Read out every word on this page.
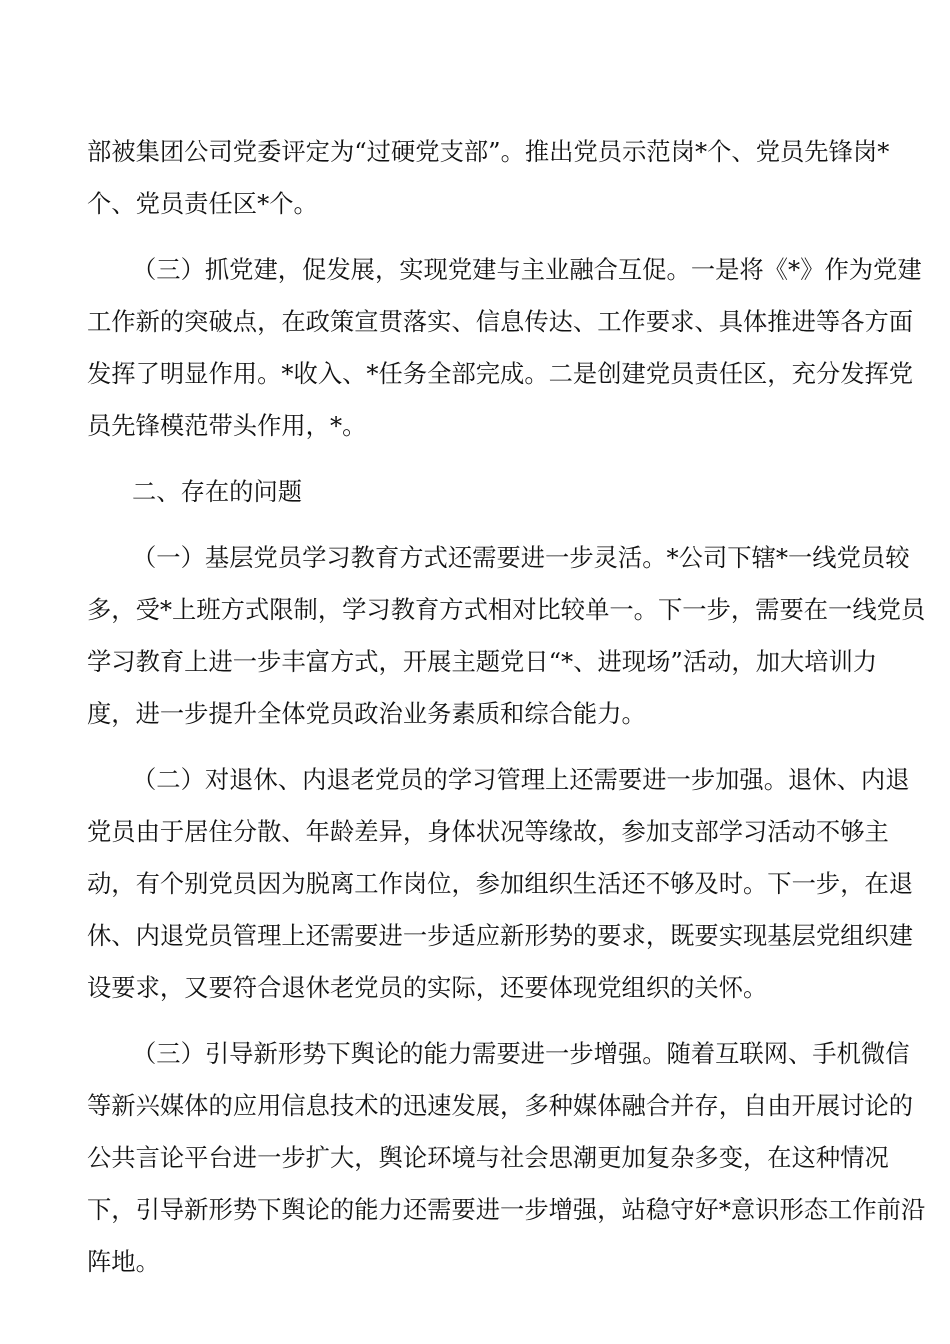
部被集团公司党委评定为“过硬党支部”。推出党员示范岗*个、党员先锋岗*
个、党员责任区*个。
（三）抓党建，促发展，实现党建与主业融合互促。一是将《*》作为党建
工作新的突破点，在政策宣贯落实、信息传达、工作要求、具体推进等各方面
发挥了明显作用。*收入、*任务全部完成。二是创建党员责任区，充分发挥党
员先锋模范带头作用，*。
二、存在的问题
（一）基层党员学习教育方式还需要进一步灵活。*公司下辖*一线党员较
多，受*上班方式限制，学习教育方式相对比较单一。下一步，需要在一线党员
学习教育上进一步丰富方式，开展主题党日“*、进现场”活动，加大培训力
度，进一步提升全体党员政治业务素质和综合能力。
（二）对退休、内退老党员的学习管理上还需要进一步加强。退休、内退
党员由于居住分散、年龄差异，身体状况等缘故，参加支部学习活动不够主
动，有个别党员因为脱离工作岗位，参加组织生活还不够及时。下一步，在退
休、内退党员管理上还需要进一步适应新形势的要求，既要实现基层党组织建
设要求，又要符合退休老党员的实际，还要体现党组织的关怀。
（三）引导新形势下舆论的能力需要进一步增强。随着互联网、手机微信
等新兴媒体的应用信息技术的迅速发展，多种媒体融合并存，自由开展讨论的
公共言论平台进一步扩大，舆论环境与社会思潮更加复杂多变，在这种情况
下，引导新形势下舆论的能力还需要进一步增强，站稳守好*意识形态工作前沿
阵地。
